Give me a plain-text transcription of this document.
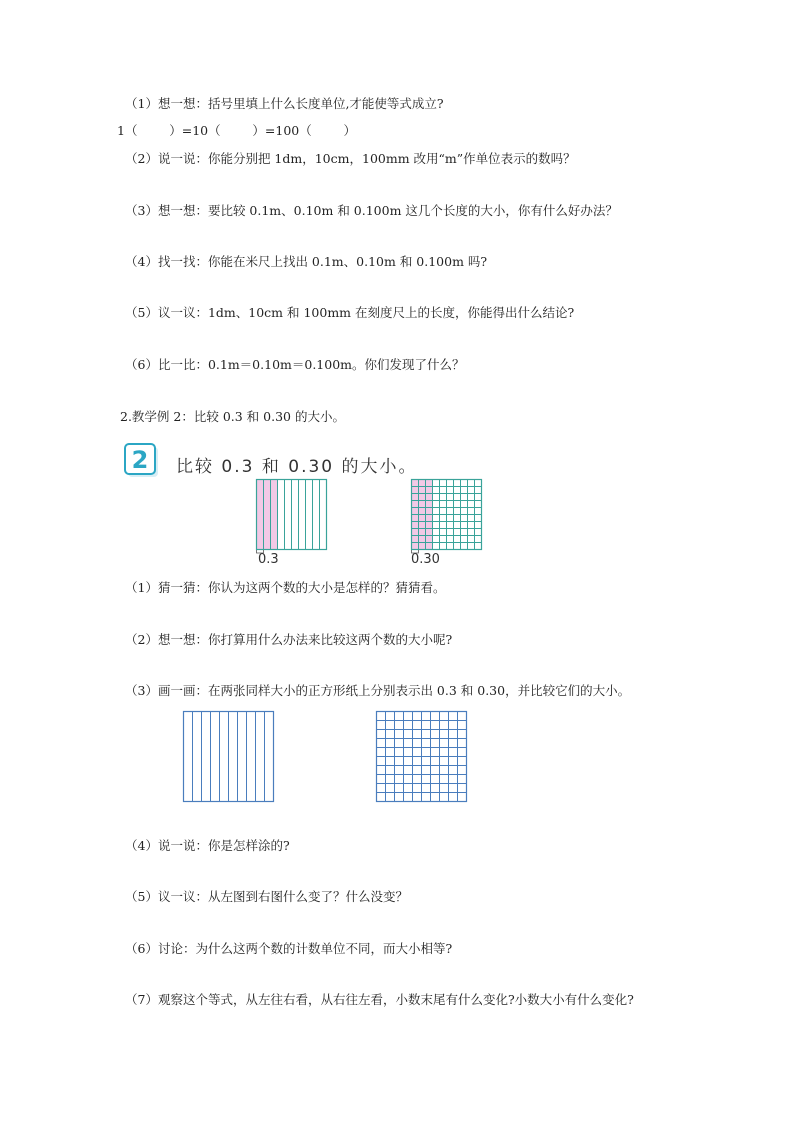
（1）想一想：括号里填上什么长度单位,才能使等式成立?
1（        ）=10（        ）=100（        ）
（2）说一说：你能分别把 1dm，10cm，100mm 改用“m”作单位表示的数吗？
（3）想一想：要比较 0.1m、0.10m 和 0.100m 这几个长度的大小，你有什么好办法？
（4）找一找：你能在米尺上找出 0.1m、0.10m 和 0.100m 吗?
（5）议一议：1dm、10cm 和 100mm 在刻度尺上的长度，你能得出什么结论?
（6）比一比：0.1m＝0.10m＝0.100m。你们发现了什么？
2.教学例 2：比较 0.3 和 0.30 的大小。
2 比较 0.3 和 0.30 的大小。
0.3	0.30
（1）猜一猜：你认为这两个数的大小是怎样的？猜猜看。
（2）想一想：你打算用什么办法来比较这两个数的大小呢?
（3）画一画：在两张同样大小的正方形纸上分别表示出 0.3 和 0.30，并比较它们的大小。
（4）说一说：你是怎样涂的?
（5）议一议：从左图到右图什么变了？什么没变？
（6）讨论：为什么这两个数的计数单位不同，而大小相等?
（7）观察这个等式，从左往右看，从右往左看，小数末尾有什么变化?小数大小有什么变化?
